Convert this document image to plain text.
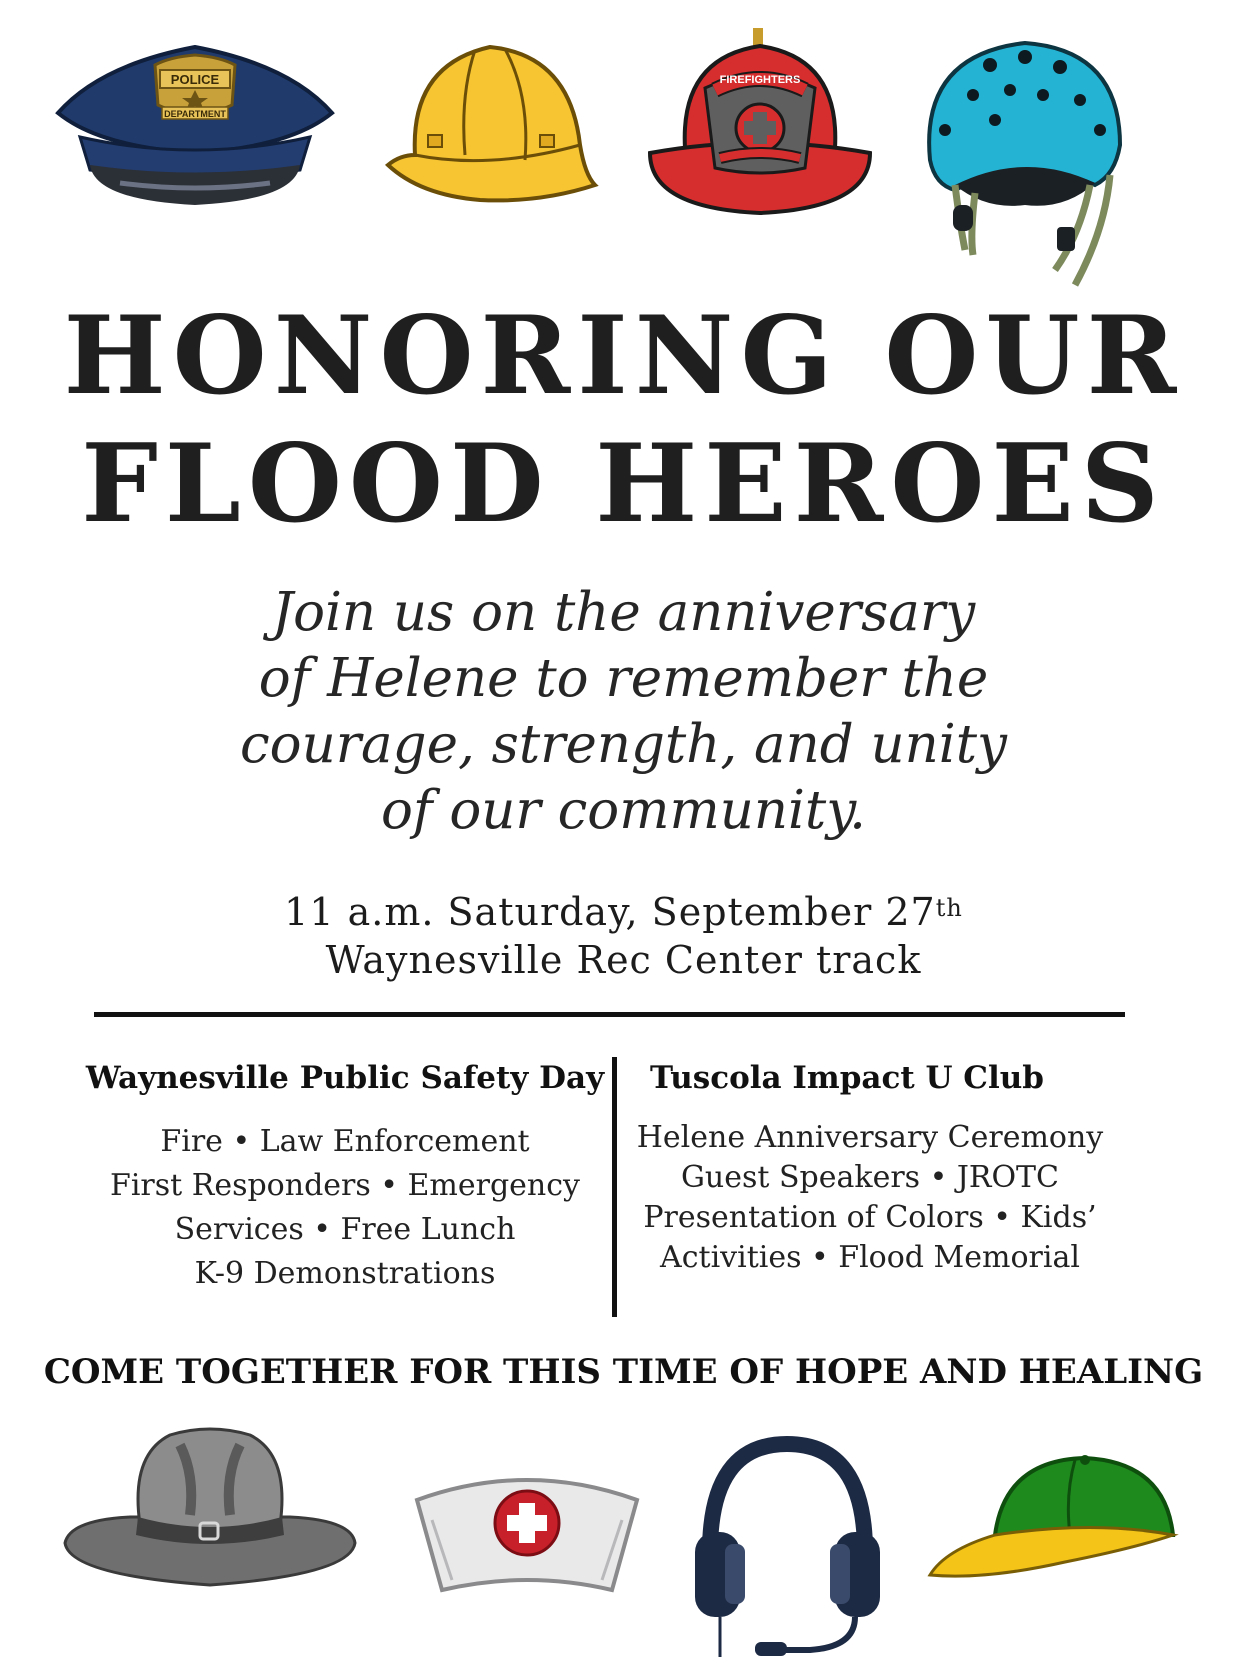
POLICE
DEPARTMENT
FIREFIGHTERS
HONORING OUR
FLOOD HEROES

Join us on the anniversary
of Helene to remember the
courage, strength, and unity
of our community.

11 a.m. Saturday, September 27th
Waynesville Rec Center track

Waynesville Public Safety Day
Fire • Law Enforcement
First Responders • Emergency
Services • Free Lunch
K-9 Demonstrations
Tuscola Impact U Club
Helene Anniversary Ceremony
Guest Speakers • JROTC
Presentation of Colors • Kids’
Activities • Flood Memorial

COME TOGETHER FOR THIS TIME OF HOPE AND HEALING
